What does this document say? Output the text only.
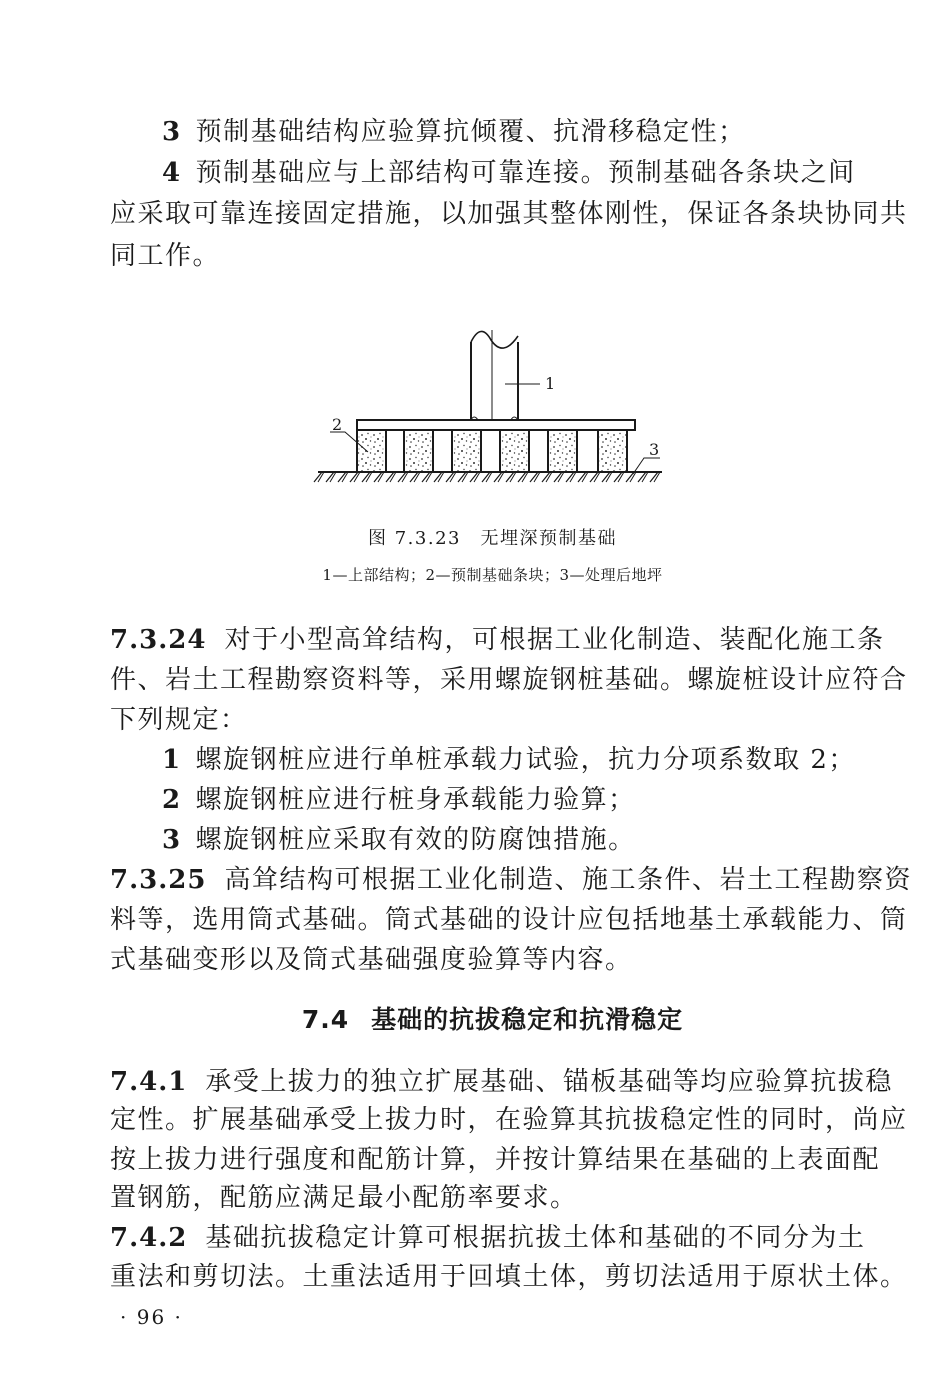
3 预制基础结构应验算抗倾覆、抗滑移稳定性；
4 预制基础应与上部结构可靠连接。预制基础各条块之间
应采取可靠连接固定措施，以加强其整体刚性，保证各条块协同共
同工作。
1
2
3
图 7.3.23　无埋深预制基础
1—上部结构；2—预制基础条块；3—处理后地坪
7.3.24 对于小型高耸结构，可根据工业化制造、装配化施工条
件、岩土工程勘察资料等，采用螺旋钢桩基础。螺旋桩设计应符合
下列规定：
1 螺旋钢桩应进行单桩承载力试验，抗力分项系数取 2；
2 螺旋钢桩应进行桩身承载能力验算；
3 螺旋钢桩应采取有效的防腐蚀措施。
7.3.25 高耸结构可根据工业化制造、施工条件、岩土工程勘察资
料等，选用筒式基础。筒式基础的设计应包括地基土承载能力、筒
式基础变形以及筒式基础强度验算等内容。
7.4 基础的抗拔稳定和抗滑稳定
7.4.1 承受上拔力的独立扩展基础、锚板基础等均应验算抗拔稳
定性。扩展基础承受上拔力时，在验算其抗拔稳定性的同时，尚应
按上拔力进行强度和配筋计算，并按计算结果在基础的上表面配
置钢筋，配筋应满足最小配筋率要求。
7.4.2 基础抗拔稳定计算可根据抗拔土体和基础的不同分为土
重法和剪切法。土重法适用于回填土体，剪切法适用于原状土体。
· 96 ·
